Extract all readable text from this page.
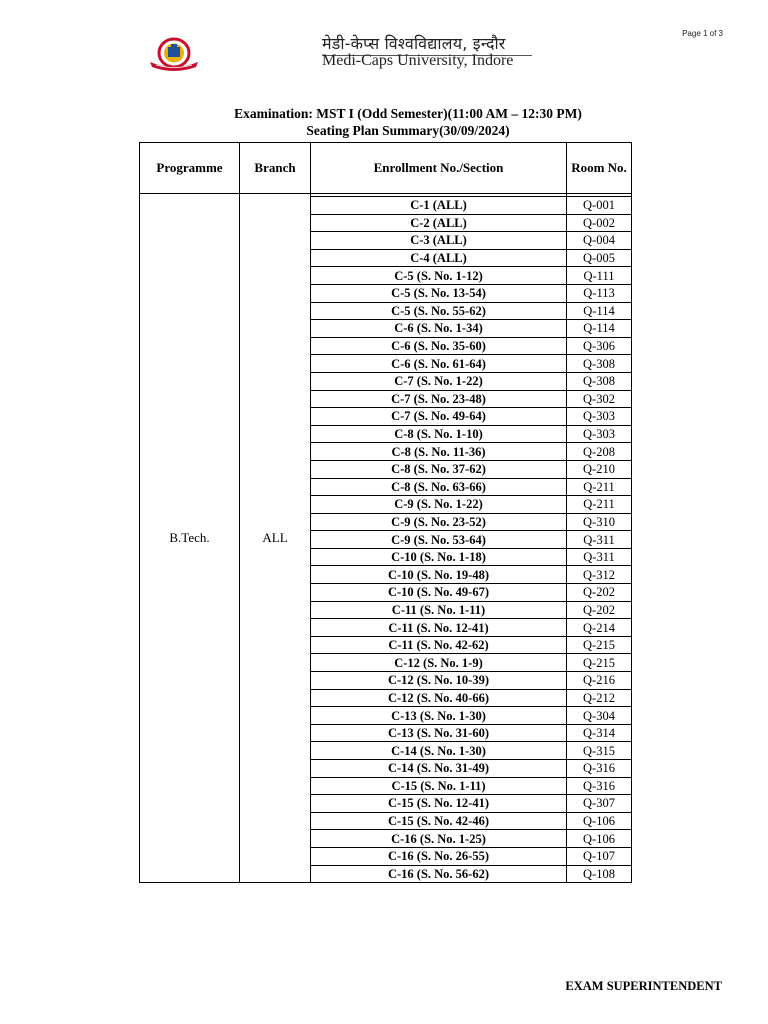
Page 1 of 3
मेडी-केप्स विश्वविद्यालय, इन्दौर
Medi-Caps University, Indore
Examination: MST I (Odd Semester)(11:00 AM – 12:30 PM)
Seating Plan Summary(30/09/2024)
Programme	Branch	Enrollment No./Section	Room No.
B.Tech.	ALL		
		C-1 (ALL)	Q-001
		C-2 (ALL)	Q-002
		C-3 (ALL)	Q-004
		C-4 (ALL)	Q-005
		C-5 (S. No. 1-12)	Q-111
		C-5 (S. No. 13-54)	Q-113
		C-5 (S. No. 55-62)	Q-114
		C-6 (S. No. 1-34)	Q-114
		C-6 (S. No. 35-60)	Q-306
		C-6 (S. No. 61-64)	Q-308
		C-7 (S. No. 1-22)	Q-308
		C-7 (S. No. 23-48)	Q-302
		C-7 (S. No. 49-64)	Q-303
		C-8 (S. No. 1-10)	Q-303
		C-8 (S. No. 11-36)	Q-208
		C-8 (S. No. 37-62)	Q-210
		C-8 (S. No. 63-66)	Q-211
		C-9 (S. No. 1-22)	Q-211
		C-9 (S. No. 23-52)	Q-310
		C-9 (S. No. 53-64)	Q-311
		C-10 (S. No. 1-18)	Q-311
		C-10 (S. No. 19-48)	Q-312
		C-10 (S. No. 49-67)	Q-202
		C-11 (S. No. 1-11)	Q-202
		C-11 (S. No. 12-41)	Q-214
		C-11 (S. No. 42-62)	Q-215
		C-12 (S. No. 1-9)	Q-215
		C-12 (S. No. 10-39)	Q-216
		C-12 (S. No. 40-66)	Q-212
		C-13 (S. No. 1-30)	Q-304
		C-13 (S. No. 31-60)	Q-314
		C-14 (S. No. 1-30)	Q-315
		C-14 (S. No. 31-49)	Q-316
		C-15 (S. No. 1-11)	Q-316
		C-15 (S. No. 12-41)	Q-307
		C-15 (S. No. 42-46)	Q-106
		C-16 (S. No. 1-25)	Q-106
		C-16 (S. No. 26-55)	Q-107
		C-16 (S. No. 56-62)	Q-108
EXAM SUPERINTENDENT
